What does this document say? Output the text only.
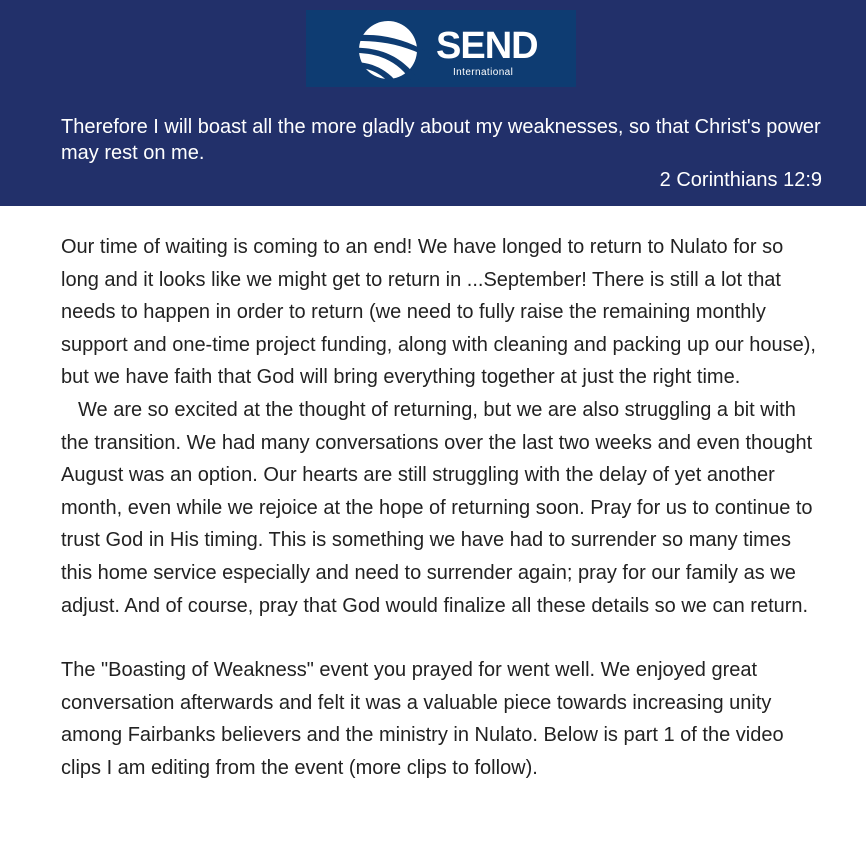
SEND
International
Therefore I will boast all the more gladly about my weaknesses, so that Christ's power may rest on me.
2 Corinthians 12:9

Our time of waiting is coming to an end! We have longed to return to Nulato for so long and it looks like we might get to return in ...September! There is still a lot that needs to happen in order to return (we need to fully raise the remaining monthly support and one-time project funding, along with cleaning and packing up our house), but we have faith that God will bring everything together at just the right time.

We are so excited at the thought of returning, but we are also struggling a bit with the transition. We had many conversations over the last two weeks and even thought August was an option. Our hearts are still struggling with the delay of yet another month, even while we rejoice at the hope of returning soon. Pray for us to continue to trust God in His timing. This is something we have had to surrender so many times this home service especially and need to surrender again; pray for our family as we adjust. And of course, pray that God would finalize all these details so we can return.

The "Boasting of Weakness" event you prayed for went well. We enjoyed great conversation afterwards and felt it was a valuable piece towards increasing unity among Fairbanks believers and the ministry in Nulato. Below is part 1 of the video clips I am editing from the event (more clips to follow).
